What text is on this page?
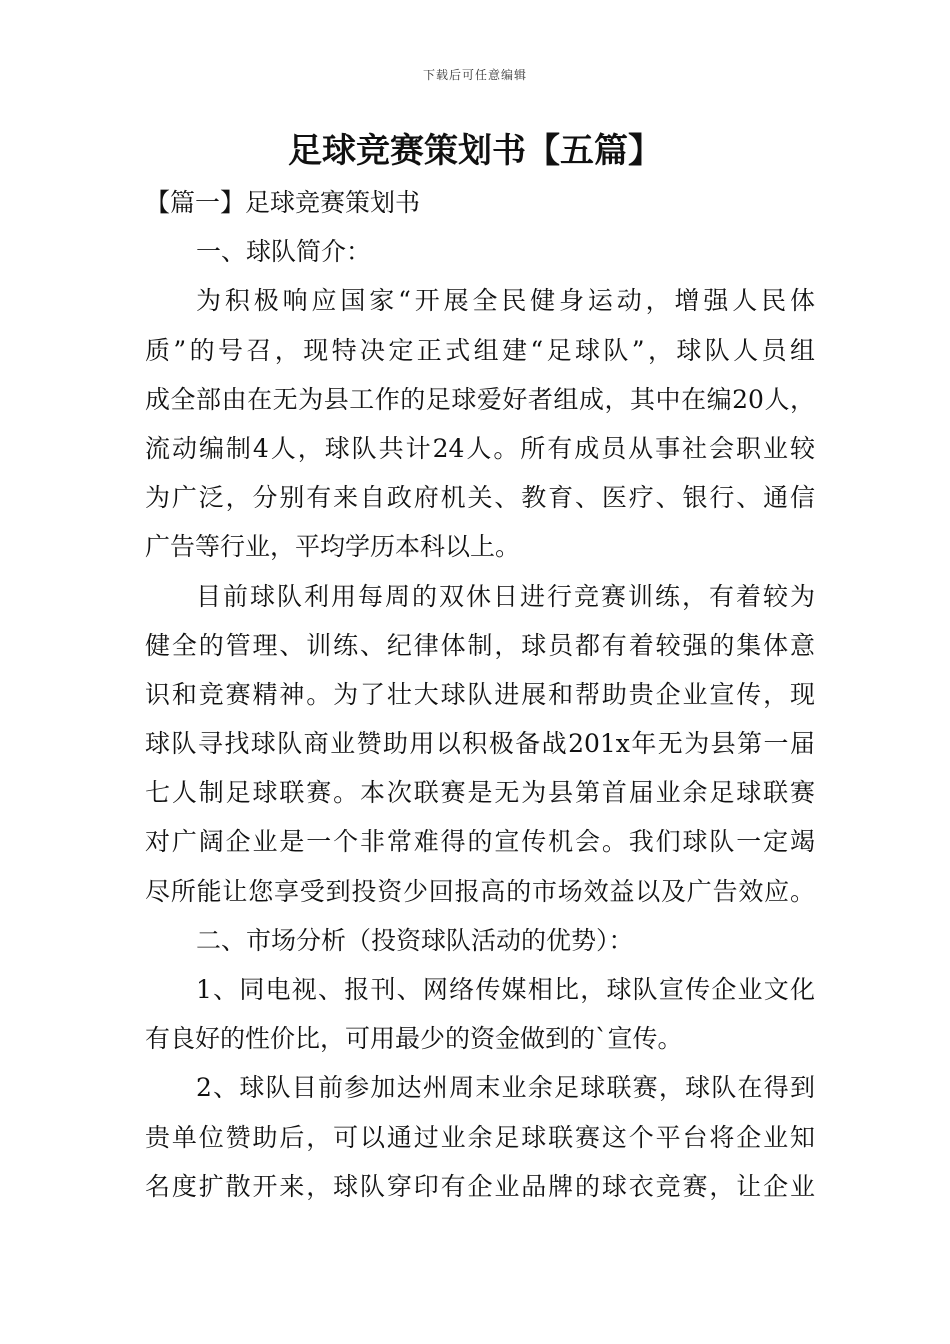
下载后可任意编辑
足球竞赛策划书【五篇】
【篇一】足球竞赛策划书
一、球队简介：
为积极响应国家“开展全民健身运动，增强人民体
质”的号召，现特决定正式组建“足球队”，球队人员组
成全部由在无为县工作的足球爱好者组成，其中在编20人，
流动编制4人，球队共计24人。所有成员从事社会职业较
为广泛，分别有来自政府机关、教育、医疗、银行、通信
广告等行业，平均学历本科以上。
目前球队利用每周的双休日进行竞赛训练，有着较为
健全的管理、训练、纪律体制，球员都有着较强的集体意
识和竞赛精神。为了壮大球队进展和帮助贵企业宣传，现
球队寻找球队商业赞助用以积极备战201x年无为县第一届
七人制足球联赛。本次联赛是无为县第首届业余足球联赛
对广阔企业是一个非常难得的宣传机会。我们球队一定竭
尽所能让您享受到投资少回报高的市场效益以及广告效应。
二、市场分析（投资球队活动的优势）：
1、同电视、报刊、网络传媒相比，球队宣传企业文化
有良好的性价比，可用最少的资金做到的`宣传。
2、球队目前参加达州周末业余足球联赛，球队在得到
贵单位赞助后，可以通过业余足球联赛这个平台将企业知
名度扩散开来，球队穿印有企业品牌的球衣竞赛，让企业
